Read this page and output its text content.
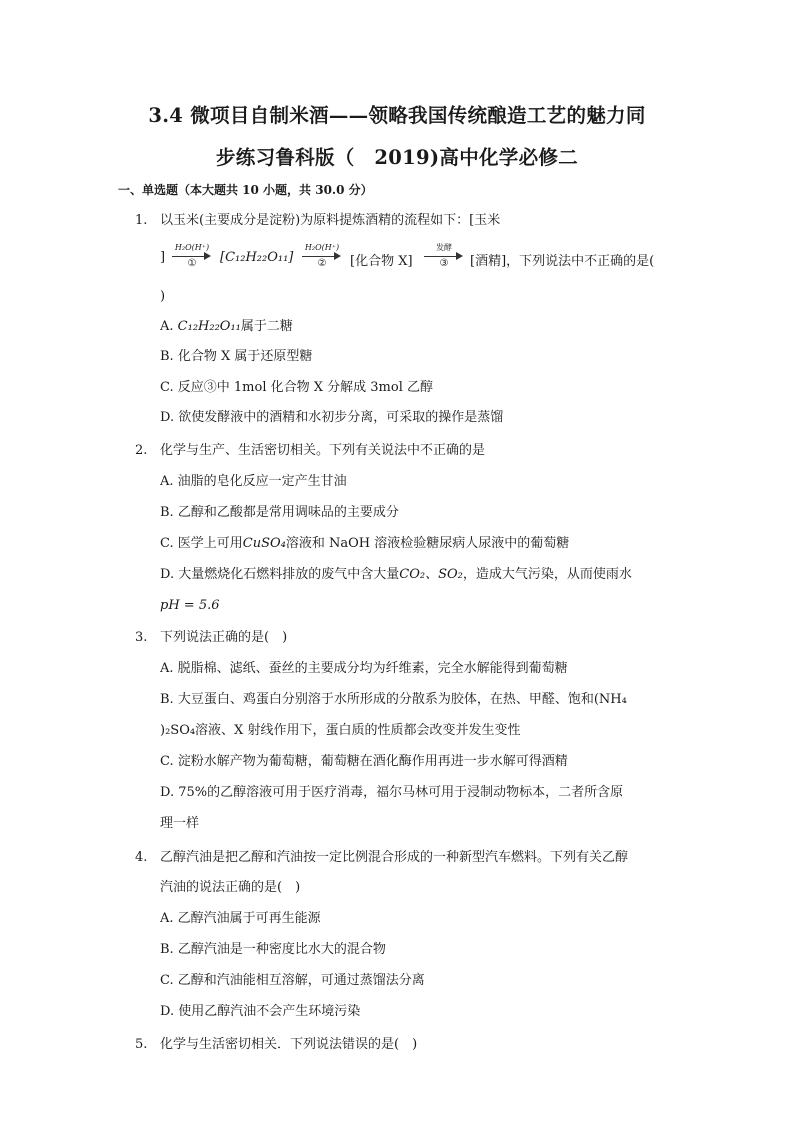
3.4 微项目自制米酒——领略我国传统酿造工艺的魅力同
步练习鲁科版（　2019)高中化学必修二
一、单选题（本大题共 10 小题，共 30.0 分）
1. 以玉米(主要成分是淀粉)为原料提炼酒精的流程如下：[玉米
]
H₂O(H⁺)
①	[C₁₂H₂₂O₁₁]
H₂O(H⁺)
②	[化合物 X]
发酵
③	[酒精]，下列说法中不正确的是(
)
A. C₁₂H₂₂O₁₁属于二糖
B. 化合物 X 属于还原型糖
C. 反应③中 1mol 化合物 X 分解成 3mol 乙醇
D. 欲使发酵液中的酒精和水初步分离，可采取的操作是蒸馏
2. 化学与生产、生活密切相关。下列有关说法中不正确的是
A. 油脂的皂化反应一定产生甘油
B. 乙醇和乙酸都是常用调味品的主要成分
C. 医学上可用CuSO₄溶液和 NaOH 溶液检验糖尿病人尿液中的葡萄糖
D. 大量燃烧化石燃料排放的废气中含大量CO₂、SO₂，造成大气污染，从而使雨水
pH = 5.6
3. 下列说法正确的是(　)
A. 脱脂棉、滤纸、蚕丝的主要成分均为纤维素，完全水解能得到葡萄糖
B. 大豆蛋白、鸡蛋白分别溶于水所形成的分散系为胶体，在热、甲醛、饱和(NH₄
)₂SO₄溶液、X 射线作用下，蛋白质的性质都会改变并发生变性
C. 淀粉水解产物为葡萄糖，葡萄糖在酒化酶作用再进一步水解可得酒精
D. 75%的乙醇溶液可用于医疗消毒，福尔马林可用于浸制动物标本，二者所含原
理一样
4. 乙醇汽油是把乙醇和汽油按一定比例混合形成的一种新型汽车燃料。下列有关乙醇
汽油的说法正确的是(　)
A. 乙醇汽油属于可再生能源
B. 乙醇汽油是一种密度比水大的混合物
C. 乙醇和汽油能相互溶解，可通过蒸馏法分离
D. 使用乙醇汽油不会产生环境污染
5. 化学与生活密切相关．下列说法错误的是(　)
